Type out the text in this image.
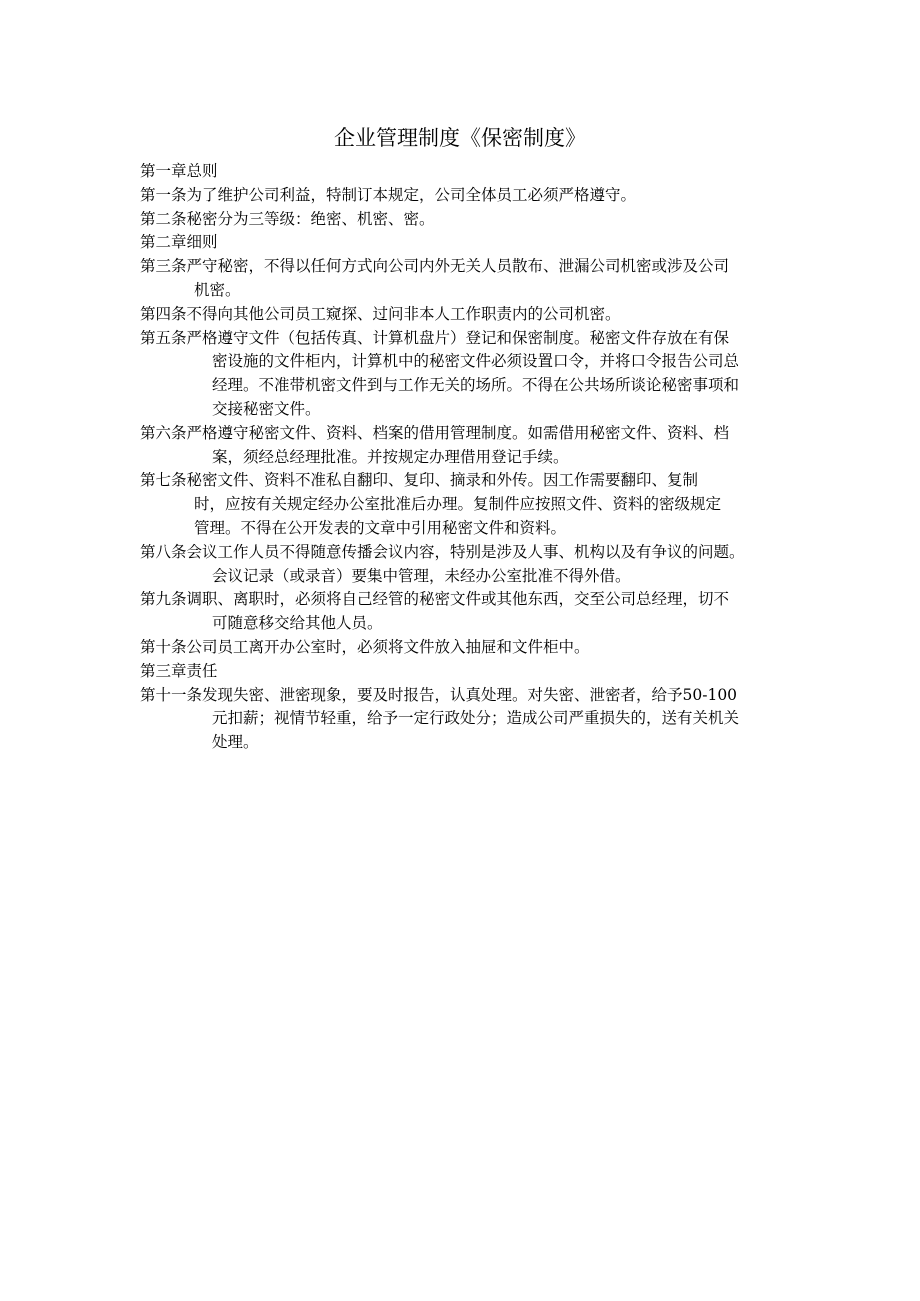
企业管理制度《保密制度》

第一章总则

第一条为了维护公司利益，特制订本规定，公司全体员工必须严格遵守。

第二条秘密分为三等级：绝密、机密、密。

第二章细则

第三条严守秘密，不得以任何方式向公司内外无关人员散布、泄漏公司机密或涉及公司

机密。

第四条不得向其他公司员工窥探、过问非本人工作职责内的公司机密。

第五条严格遵守文件（包括传真、计算机盘片）登记和保密制度。秘密文件存放在有保

密设施的文件柜内，计算机中的秘密文件必须设置口令，并将口令报告公司总

经理。不准带机密文件到与工作无关的场所。不得在公共场所谈论秘密事项和

交接秘密文件。

第六条严格遵守秘密文件、资料、档案的借用管理制度。如需借用秘密文件、资料、档

案，须经总经理批准。并按规定办理借用登记手续。

第七条秘密文件、资料不准私自翻印、复印、摘录和外传。因工作需要翻印、复制

时，应按有关规定经办公室批准后办理。复制件应按照文件、资料的密级规定

管理。不得在公开发表的文章中引用秘密文件和资料。

第八条会议工作人员不得随意传播会议内容，特别是涉及人事、机构以及有争议的问题。

会议记录（或录音）要集中管理，未经办公室批准不得外借。

第九条调职、离职时，必须将自己经管的秘密文件或其他东西，交至公司总经理，切不

可随意移交给其他人员。

第十条公司员工离开办公室时，必须将文件放入抽屉和文件柜中。

第三章责任

第十一条发现失密、泄密现象，要及时报告，认真处理。对失密、泄密者，给予50-100

元扣薪；视情节轻重，给予一定行政处分；造成公司严重损失的，送有关机关

处理。
